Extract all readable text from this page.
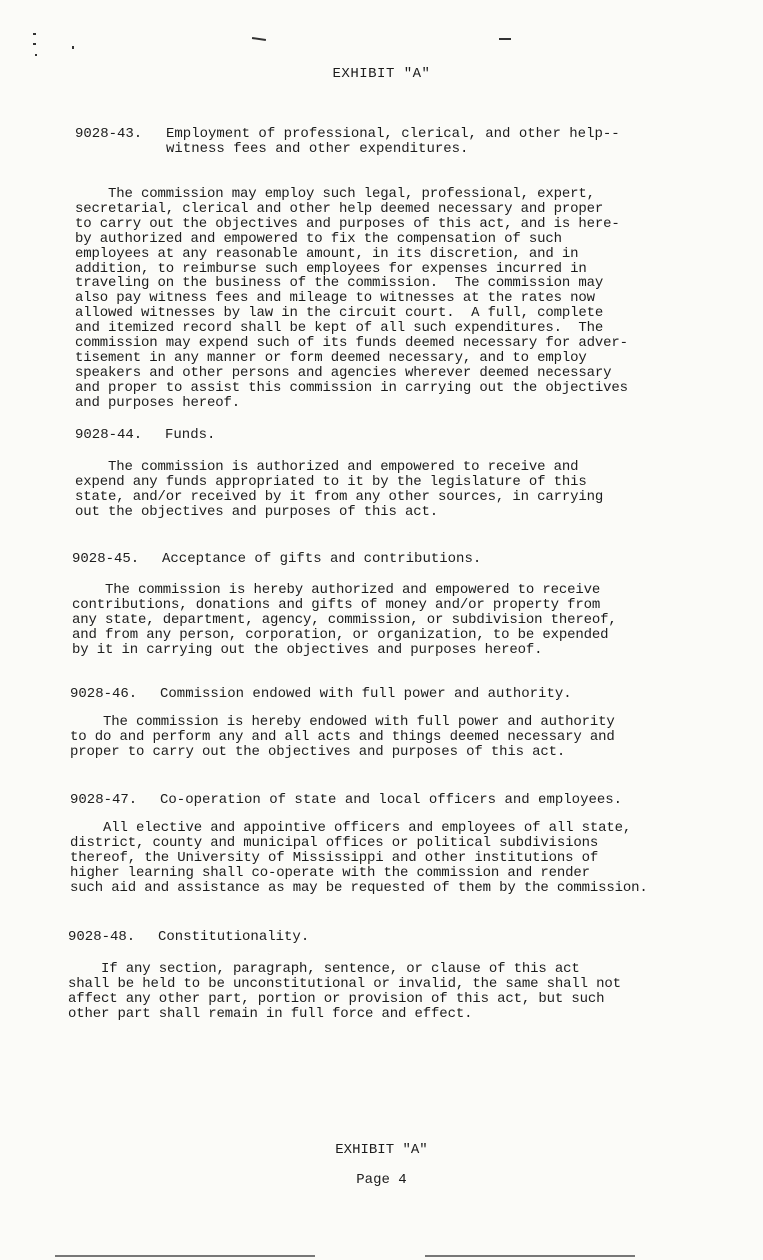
EXHIBIT "A"
9028-43. Employment of professional, clerical, and other help--
witness fees and other expenditures.
The commission may employ such legal, professional, expert,
secretarial, clerical and other help deemed necessary and proper
to carry out the objectives and purposes of this act, and is here-
by authorized and empowered to fix the compensation of such
employees at any reasonable amount, in its discretion, and in
addition, to reimburse such employees for expenses incurred in
traveling on the business of the commission.  The commission may
also pay witness fees and mileage to witnesses at the rates now
allowed witnesses by law in the circuit court.  A full, complete
and itemized record shall be kept of all such expenditures.  The
commission may expend such of its funds deemed necessary for adver-
tisement in any manner or form deemed necessary, and to employ
speakers and other persons and agencies wherever deemed necessary
and proper to assist this commission in carrying out the objectives
and purposes hereof.
9028-44. Funds.
The commission is authorized and empowered to receive and
expend any funds appropriated to it by the legislature of this
state, and/or received by it from any other sources, in carrying
out the objectives and purposes of this act.
9028-45. Acceptance of gifts and contributions.
The commission is hereby authorized and empowered to receive
contributions, donations and gifts of money and/or property from
any state, department, agency, commission, or subdivision thereof,
and from any person, corporation, or organization, to be expended
by it in carrying out the objectives and purposes hereof.
9028-46. Commission endowed with full power and authority.
The commission is hereby endowed with full power and authority
to do and perform any and all acts and things deemed necessary and
proper to carry out the objectives and purposes of this act.
9028-47. Co-operation of state and local officers and employees.
All elective and appointive officers and employees of all state,
district, county and municipal offices or political subdivisions
thereof, the University of Mississippi and other institutions of
higher learning shall co-operate with the commission and render
such aid and assistance as may be requested of them by the commission.
9028-48. Constitutionality.
If any section, paragraph, sentence, or clause of this act
shall be held to be unconstitutional or invalid, the same shall not
affect any other part, portion or provision of this act, but such
other part shall remain in full force and effect.
EXHIBIT "A"
Page 4
